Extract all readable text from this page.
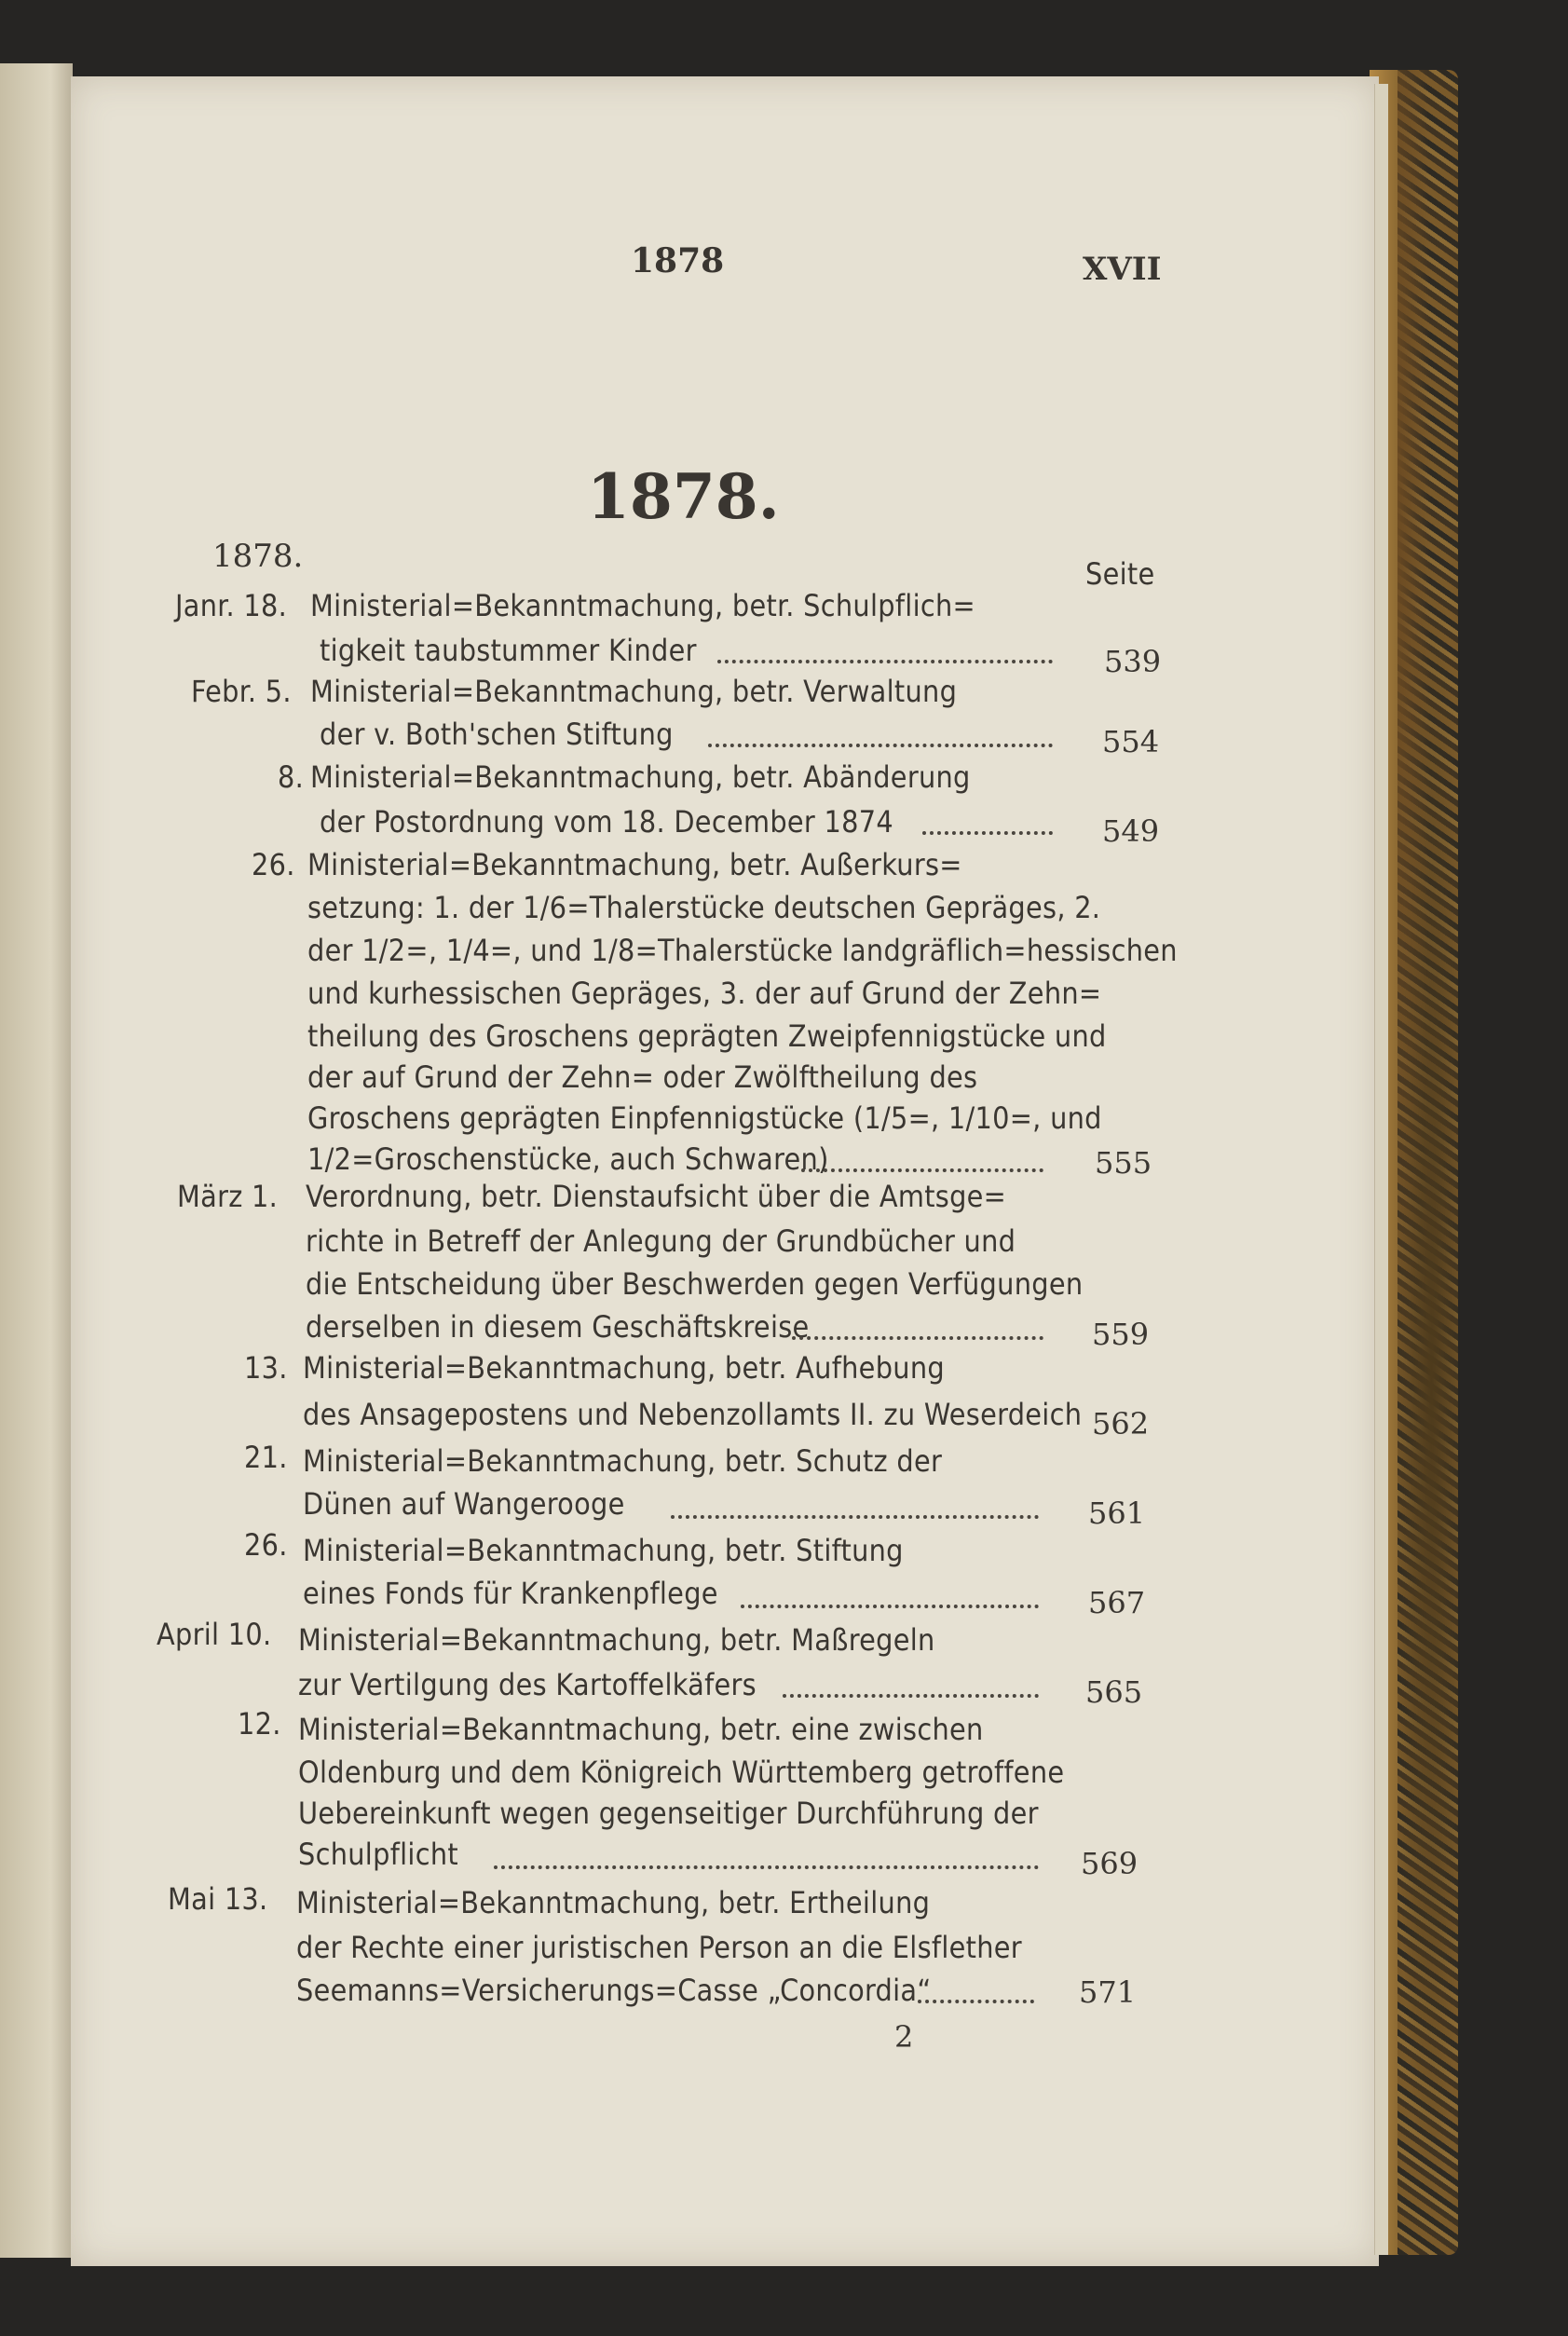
1878	XVII
1878.
1878.	Seite
Janr. 18. Ministerial=Bekanntmachung, betr. Schulpflich=
tigkeit taubstummer Kinder	539
Febr. 5. Ministerial=Bekanntmachung, betr. Verwaltung
der v. Both'schen Stiftung	554
8. Ministerial=Bekanntmachung, betr. Abänderung
der Postordnung vom 18. December 1874	549
26. Ministerial=Bekanntmachung, betr. Außerkurs=
setzung: 1. der 1/6=Thalerstücke deutschen Gepräges, 2.
der 1/2=, 1/4=, und 1/8=Thalerstücke landgräflich=hessischen
und kurhessischen Gepräges, 3. der auf Grund der Zehn=
theilung des Groschens geprägten Zweipfennigstücke und
der auf Grund der Zehn= oder Zwölftheilung des
Groschens geprägten Einpfennigstücke (1/5=, 1/10=, und
1/2=Groschenstücke, auch Schwaren)	555
März 1. Verordnung, betr. Dienstaufsicht über die Amtsge=
richte in Betreff der Anlegung der Grundbücher und
die Entscheidung über Beschwerden gegen Verfügungen
derselben in diesem Geschäftskreise	559
13. Ministerial=Bekanntmachung, betr. Aufhebung
des Ansagepostens und Nebenzollamts II. zu Weserdeich 562
21. Ministerial=Bekanntmachung, betr. Schutz der
Dünen auf Wangerooge	561
26. Ministerial=Bekanntmachung, betr. Stiftung
eines Fonds für Krankenpflege	567
April 10. Ministerial=Bekanntmachung, betr. Maßregeln
zur Vertilgung des Kartoffelkäfers	565
12. Ministerial=Bekanntmachung, betr. eine zwischen
Oldenburg und dem Königreich Württemberg getroffene
Uebereinkunft wegen gegenseitiger Durchführung der
Schulpflicht	569
Mai 13. Ministerial=Bekanntmachung, betr. Ertheilung
der Rechte einer juristischen Person an die Elsflether
Seemanns=Versicherungs=Casse „Concordia“	571
2
